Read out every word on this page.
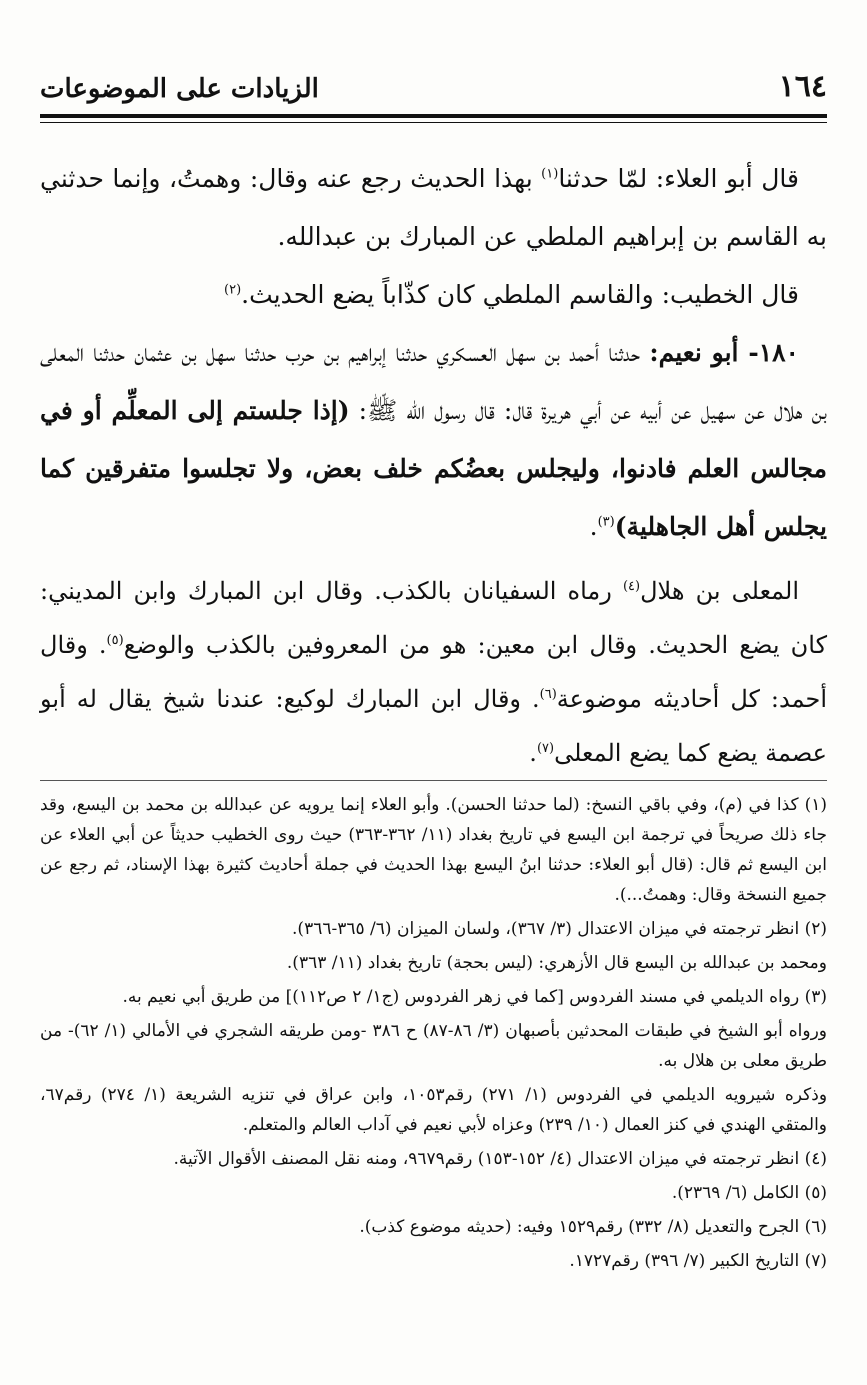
١٦٤
الزيادات على الموضوعات

قال أبو العلاء: لمّا حدثنا$^{(١)}$ بهذا الحديث رجع عنه وقال: وهمتُ، وإنما حدثني به القاسم بن إبراهيم الملطي عن المبارك بن عبدالله.

قال الخطيب: والقاسم الملطي كان كذّاباً يضع الحديث.$^{(٢)}$

١٨٠- أبو نعيم: حدثنا أحمد بن سهل العسكري حدثنا إبراهيم بن حرب حدثنا سهل بن عثمان حدثنا المعلى بن هلال عن سهيل عن أبيه عن أبي هريرة قال: قال رسول الله ﷺ: (إذا جلستم إلى المعلِّم أو في مجالس العلم فادنوا، وليجلس بعضُكم خلف بعض، ولا تجلسوا متفرقين كما يجلس أهل الجاهلية)$^{(٣)}$.

المعلى بن هلال$^{(٤)}$ رماه السفيانان بالكذب. وقال ابن المبارك وابن المديني: كان يضع الحديث. وقال ابن معين: هو من المعروفين بالكذب والوضع$^{(٥)}$. وقال أحمد: كل أحاديثه موضوعة$^{(٦)}$. وقال ابن المبارك لوكيع: عندنا شيخ يقال له أبو عصمة يضع كما يضع المعلى$^{(٧)}$.

(١) كذا في (م)، وفي باقي النسخ: (لما حدثنا الحسن). وأبو العلاء إنما يرويه عن عبدالله بن محمد بن اليسع، وقد جاء ذلك صريحاً في ترجمة ابن اليسع في تاريخ بغداد (١١/ ٣٦٢-٣٦٣) حيث روى الخطيب حديثاً عن أبي العلاء عن ابن اليسع ثم قال: (قال أبو العلاء: حدثنا ابنُ اليسع بهذا الحديث في جملة أحاديث كثيرة بهذا الإسناد، ثم رجع عن جميع النسخة وقال: وهمتُ...).

(٢) انظر ترجمته في ميزان الاعتدال (٣/ ٣٦٧)، ولسان الميزان (٦/ ٣٦٥-٣٦٦).

ومحمد بن عبدالله بن اليسع قال الأزهري: (ليس بحجة) تاريخ بغداد (١١/ ٣٦٣).

(٣) رواه الديلمي في مسند الفردوس [كما في زهر الفردوس (ج١/ ٢ ص١١٢)] من طريق أبي نعيم به.

ورواه أبو الشيخ في طبقات المحدثين بأصبهان (٣/ ٨٦-٨٧) ح ٣٨٦ -ومن طريقه الشجري في الأمالي (١/ ٦٢)- من طريق معلى بن هلال به.

وذكره شيرويه الديلمي في الفردوس (١/ ٢٧١) رقم١٠٥٣، وابن عراق في تنزيه الشريعة (١/ ٢٧٤) رقم٦٧، والمتقي الهندي في كنز العمال (١٠/ ٢٣٩) وعزاه لأبي نعيم في آداب العالم والمتعلم.

(٤) انظر ترجمته في ميزان الاعتدال (٤/ ١٥٢-١٥٣) رقم٩٦٧٩، ومنه نقل المصنف الأقوال الآتية.

(٥) الكامل (٦/ ٢٣٦٩).

(٦) الجرح والتعديل (٨/ ٣٣٢) رقم١٥٢٩ وفيه: (حديثه موضوع كذب).

(٧) التاريخ الكبير (٧/ ٣٩٦) رقم١٧٢٧.
